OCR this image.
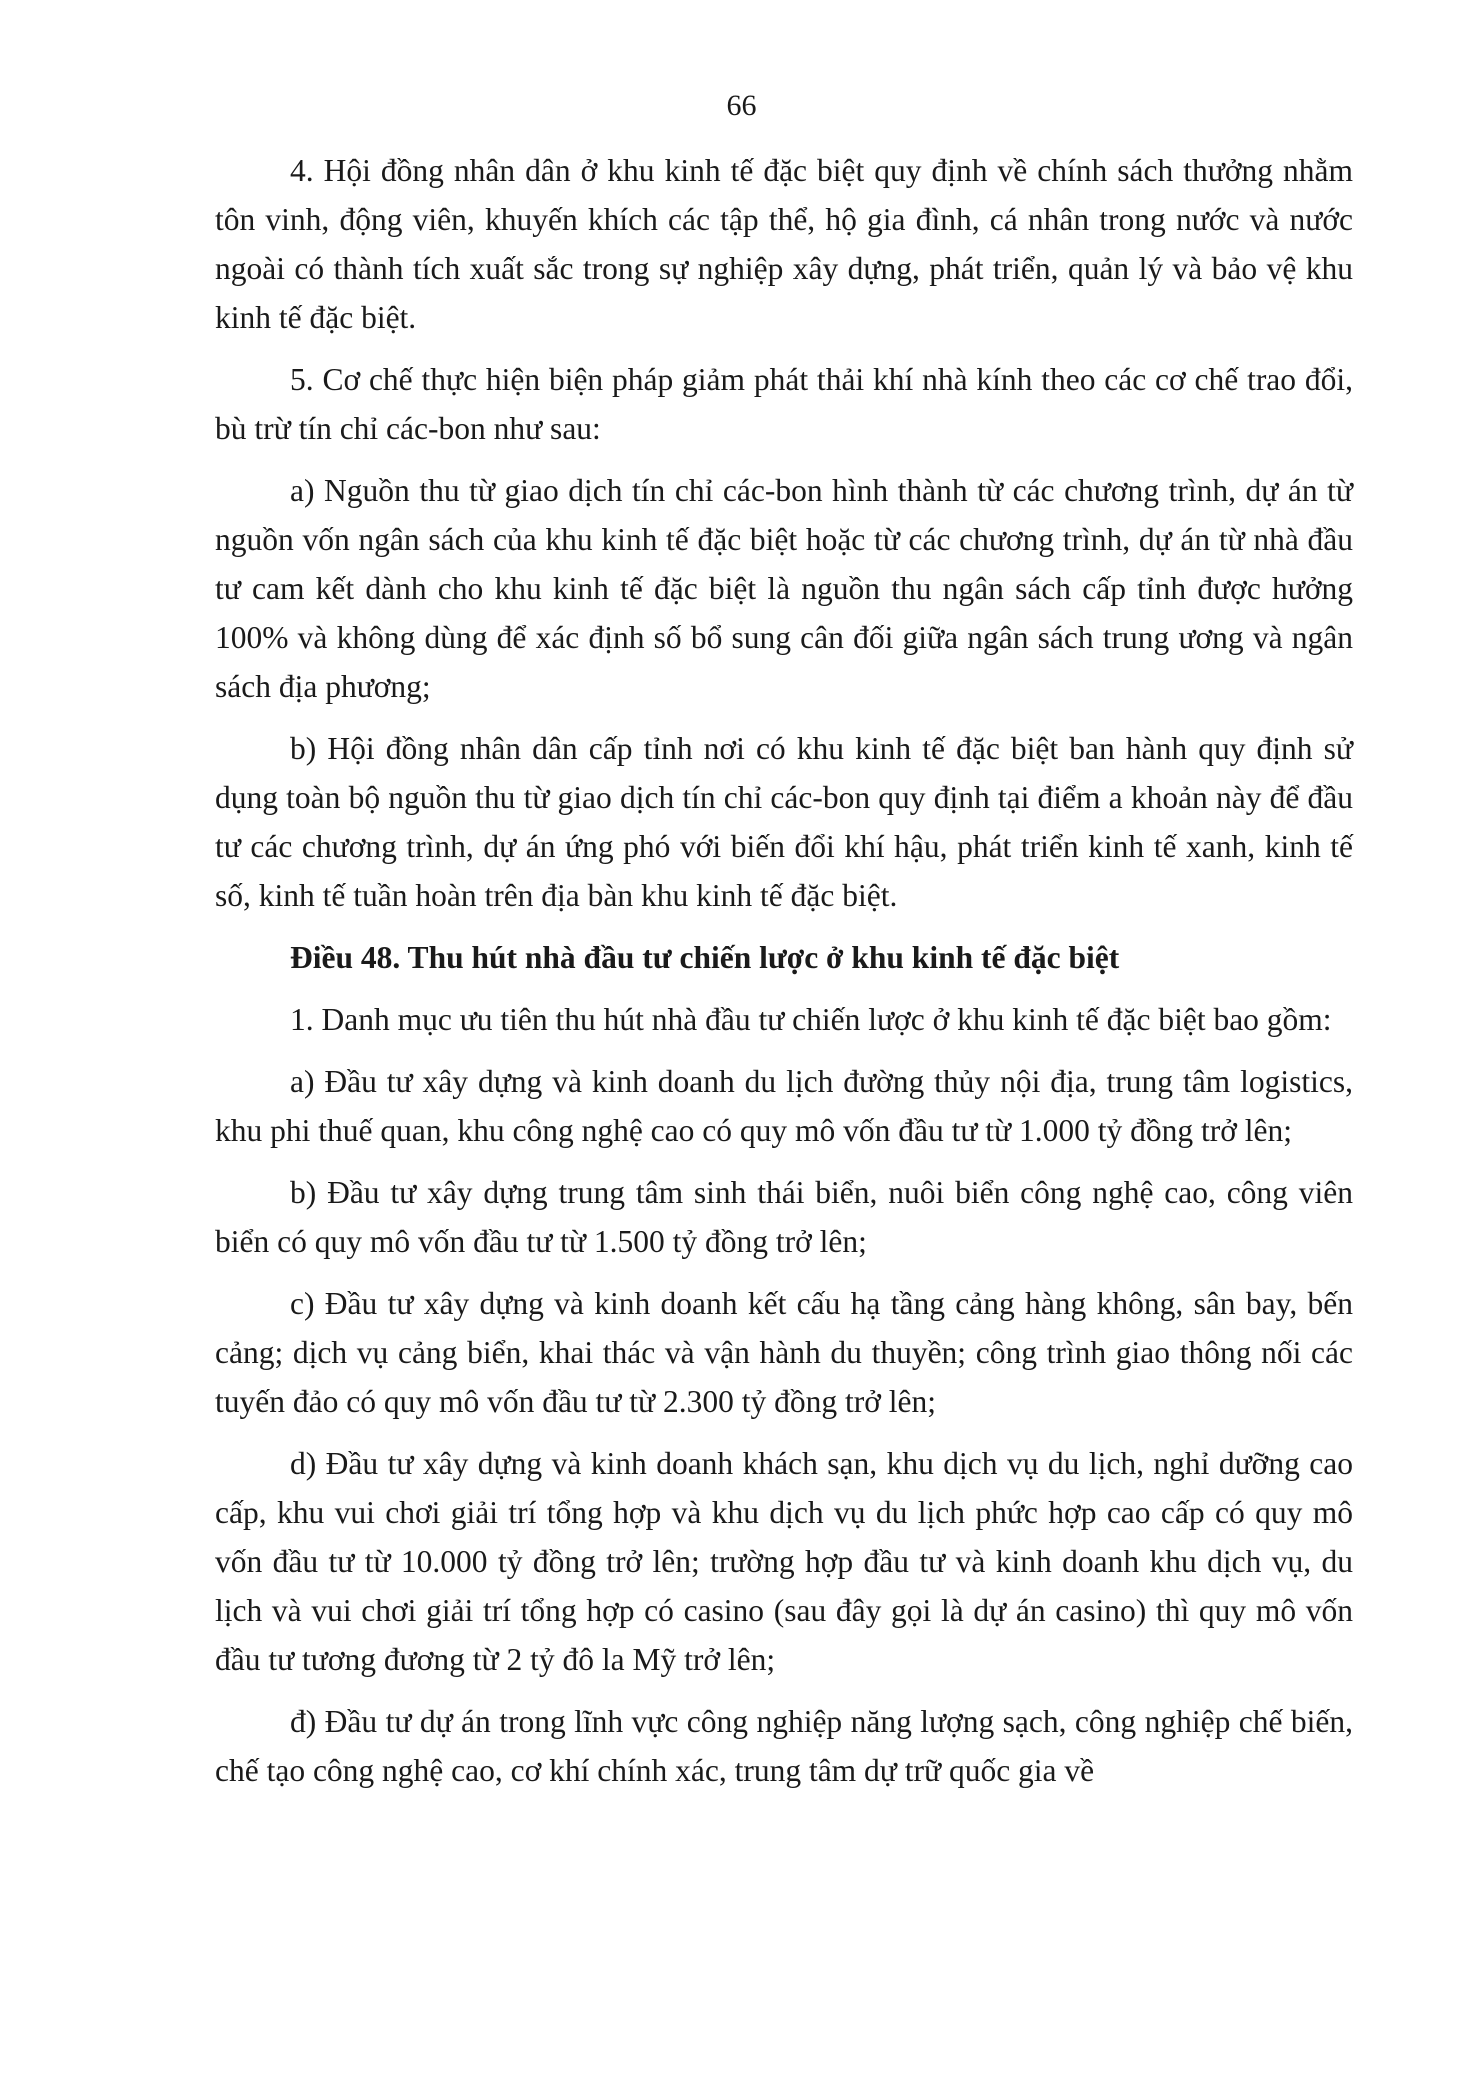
66

4. Hội đồng nhân dân ở khu kinh tế đặc biệt quy định về chính sách thưởng nhằm tôn vinh, động viên, khuyến khích các tập thể, hộ gia đình, cá nhân trong nước và nước ngoài có thành tích xuất sắc trong sự nghiệp xây dựng, phát triển, quản lý và bảo vệ khu kinh tế đặc biệt.

5. Cơ chế thực hiện biện pháp giảm phát thải khí nhà kính theo các cơ chế trao đổi, bù trừ tín chỉ các-bon như sau:

a) Nguồn thu từ giao dịch tín chỉ các-bon hình thành từ các chương trình, dự án từ nguồn vốn ngân sách của khu kinh tế đặc biệt hoặc từ các chương trình, dự án từ nhà đầu tư cam kết dành cho khu kinh tế đặc biệt là nguồn thu ngân sách cấp tỉnh được hưởng 100% và không dùng để xác định số bổ sung cân đối giữa ngân sách trung ương và ngân sách địa phương;

b) Hội đồng nhân dân cấp tỉnh nơi có khu kinh tế đặc biệt ban hành quy định sử dụng toàn bộ nguồn thu từ giao dịch tín chỉ các-bon quy định tại điểm a khoản này để đầu tư các chương trình, dự án ứng phó với biến đổi khí hậu, phát triển kinh tế xanh, kinh tế số, kinh tế tuần hoàn trên địa bàn khu kinh tế đặc biệt.

Điều 48. Thu hút nhà đầu tư chiến lược ở khu kinh tế đặc biệt

1. Danh mục ưu tiên thu hút nhà đầu tư chiến lược ở khu kinh tế đặc biệt bao gồm:

a) Đầu tư xây dựng và kinh doanh du lịch đường thủy nội địa, trung tâm logistics, khu phi thuế quan, khu công nghệ cao có quy mô vốn đầu tư từ 1.000 tỷ đồng trở lên;

b) Đầu tư xây dựng trung tâm sinh thái biển, nuôi biển công nghệ cao, công viên biển có quy mô vốn đầu tư từ 1.500 tỷ đồng trở lên;

c) Đầu tư xây dựng và kinh doanh kết cấu hạ tầng cảng hàng không, sân bay, bến cảng; dịch vụ cảng biển, khai thác và vận hành du thuyền; công trình giao thông nối các tuyến đảo có quy mô vốn đầu tư từ 2.300 tỷ đồng trở lên;

d) Đầu tư xây dựng và kinh doanh khách sạn, khu dịch vụ du lịch, nghỉ dưỡng cao cấp, khu vui chơi giải trí tổng hợp và khu dịch vụ du lịch phức hợp cao cấp có quy mô vốn đầu tư từ 10.000 tỷ đồng trở lên; trường hợp đầu tư và kinh doanh khu dịch vụ, du lịch và vui chơi giải trí tổng hợp có casino (sau đây gọi là dự án casino) thì quy mô vốn đầu tư tương đương từ 2 tỷ đô la Mỹ trở lên;

đ) Đầu tư dự án trong lĩnh vực công nghiệp năng lượng sạch, công nghiệp chế biến, chế tạo công nghệ cao, cơ khí chính xác, trung tâm dự trữ quốc gia về
